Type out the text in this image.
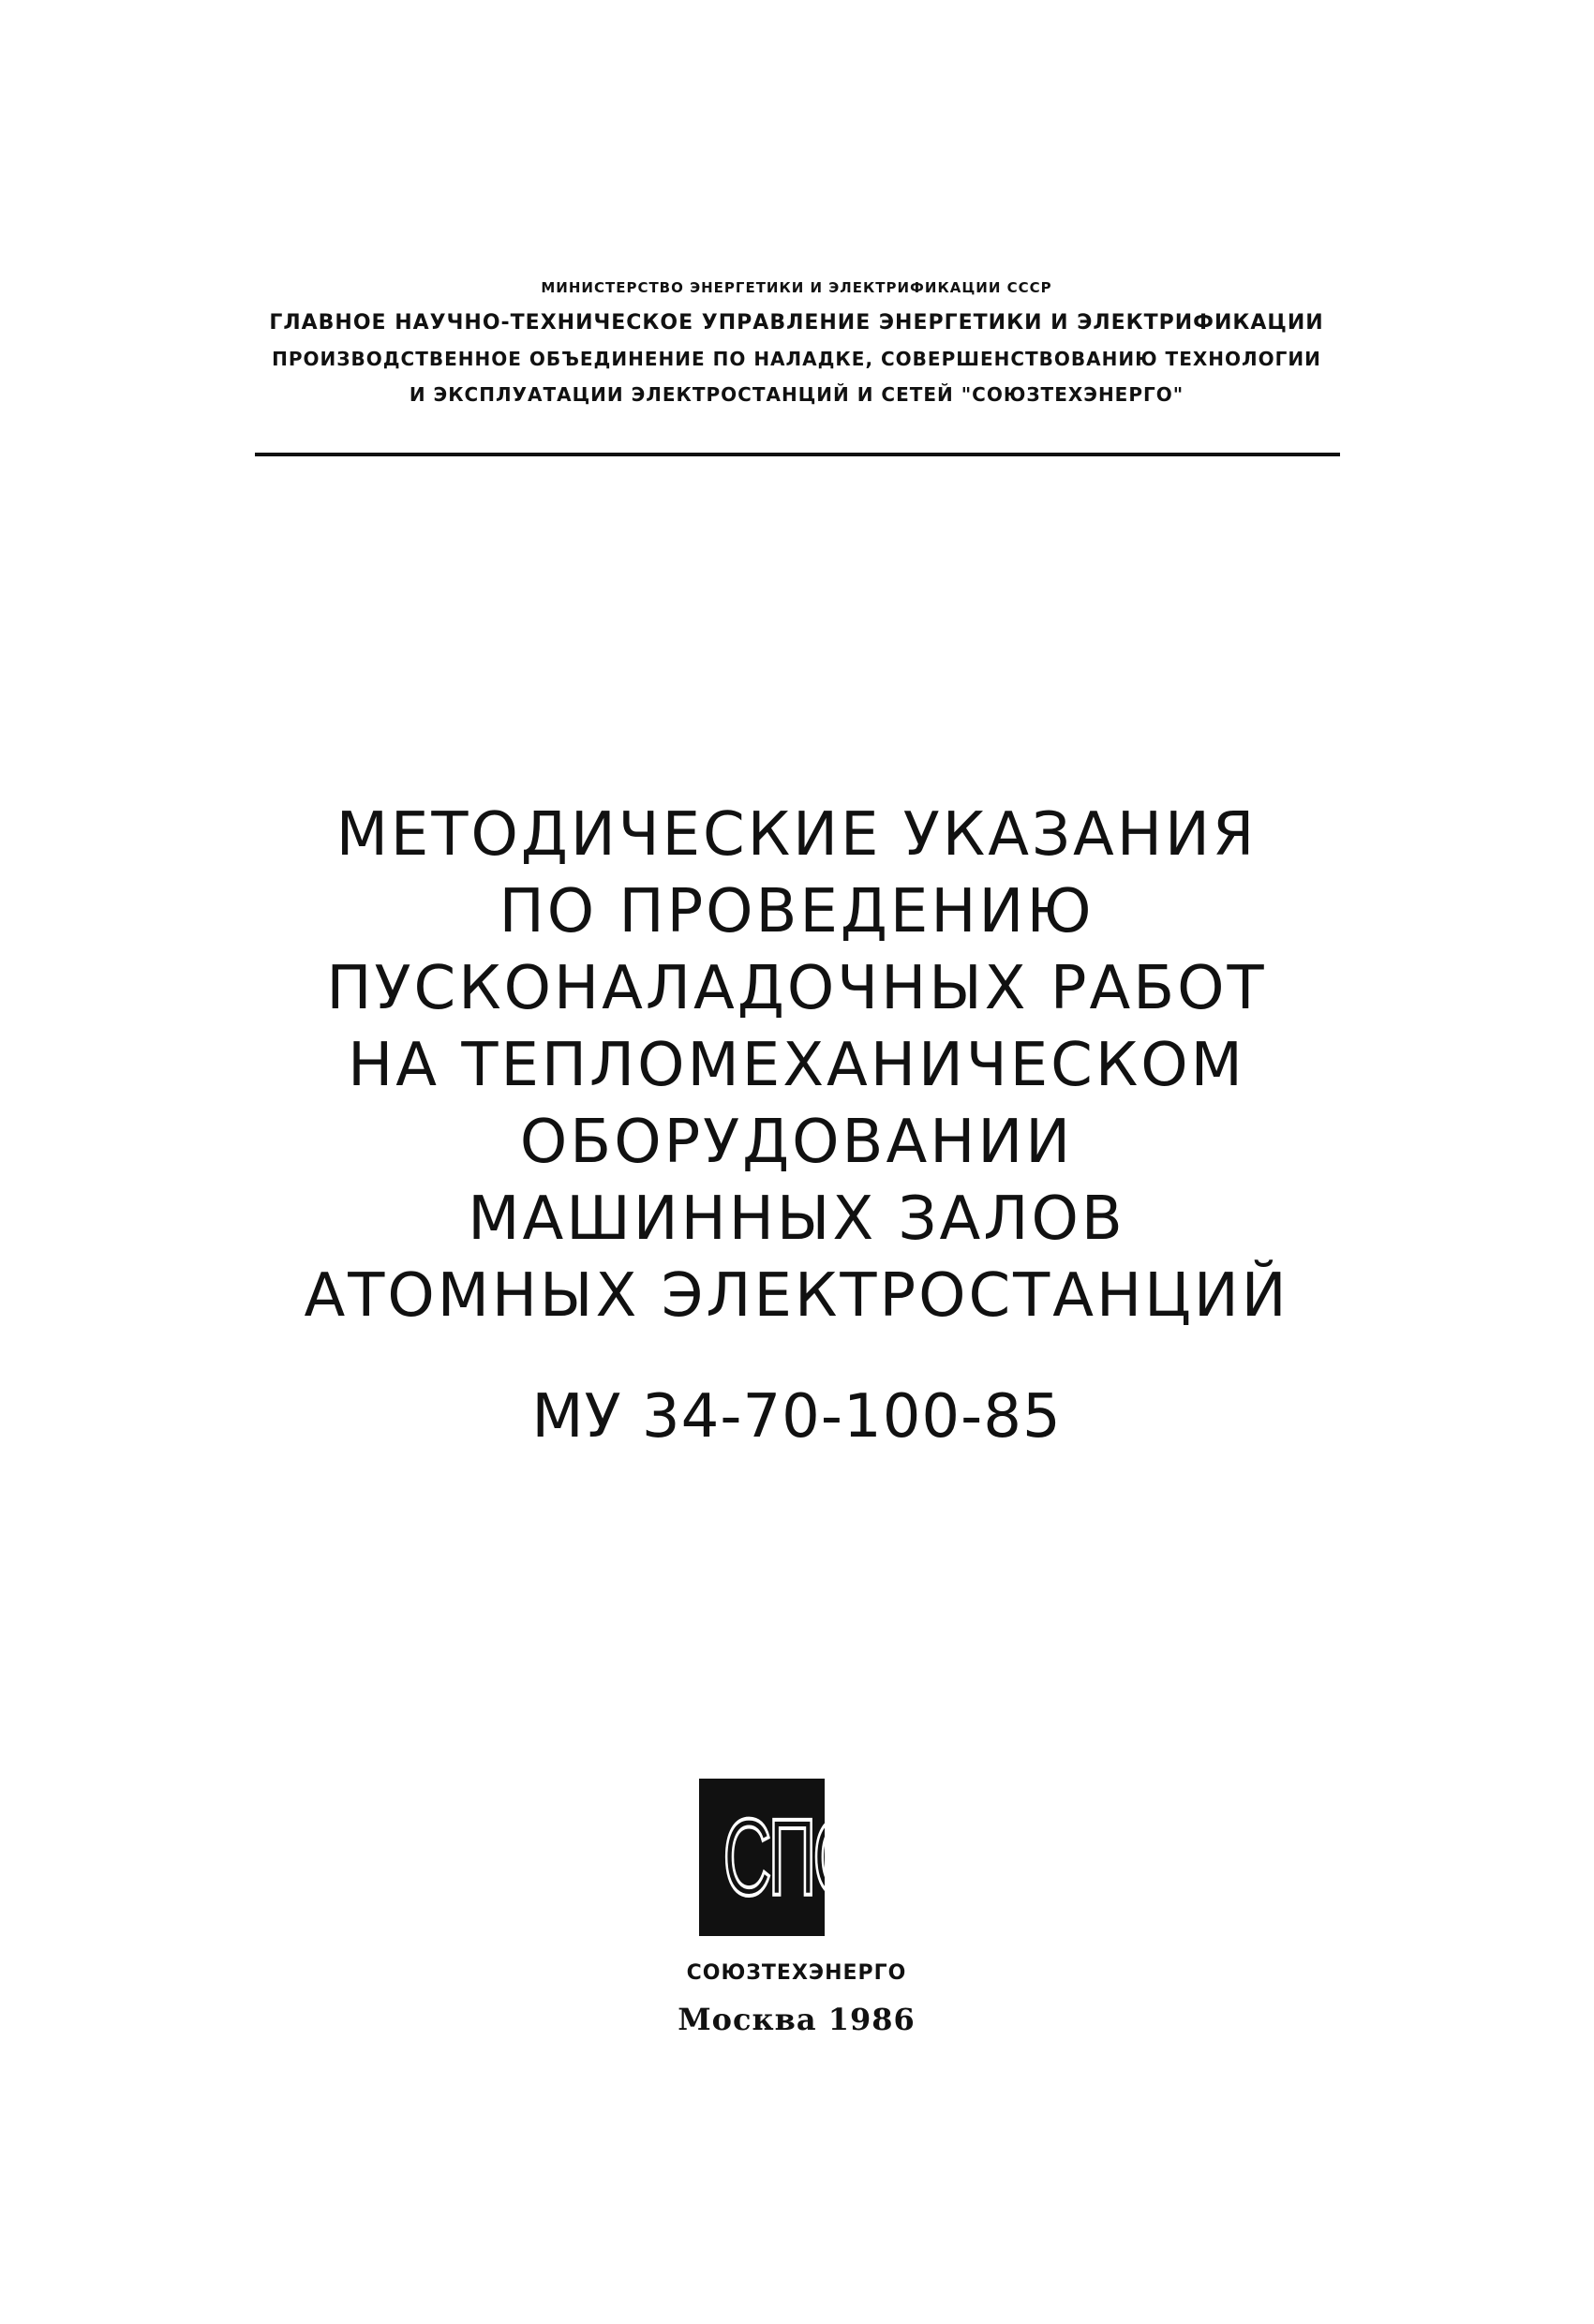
МИНИСТЕРСТВО ЭНЕРГЕТИКИ И ЭЛЕКТРИФИКАЦИИ СССР
ГЛАВНОЕ НАУЧНО-ТЕХНИЧЕСКОЕ УПРАВЛЕНИЕ ЭНЕРГЕТИКИ И ЭЛЕКТРИФИКАЦИИ
ПРОИЗВОДСТВЕННОЕ ОБЪЕДИНЕНИЕ ПО НАЛАДКЕ, СОВЕРШЕНСТВОВАНИЮ ТЕХНОЛОГИИ
И ЭКСПЛУАТАЦИИ ЭЛЕКТРОСТАНЦИЙ И СЕТЕЙ "СОЮЗТЕХЭНЕРГО"
МЕТОДИЧЕСКИЕ УКАЗАНИЯ
ПО ПРОВЕДЕНИЮ
ПУСКОНАЛАДОЧНЫХ РАБОТ
НА ТЕПЛОМЕХАНИЧЕСКОМ
ОБОРУДОВАНИИ
МАШИННЫХ ЗАЛОВ
АТОМНЫХ ЭЛЕКТРОСТАНЦИЙ
МУ 34-70-100-85
СПО
СОЮЗТЕХЭНЕРГО
Москва 1986
